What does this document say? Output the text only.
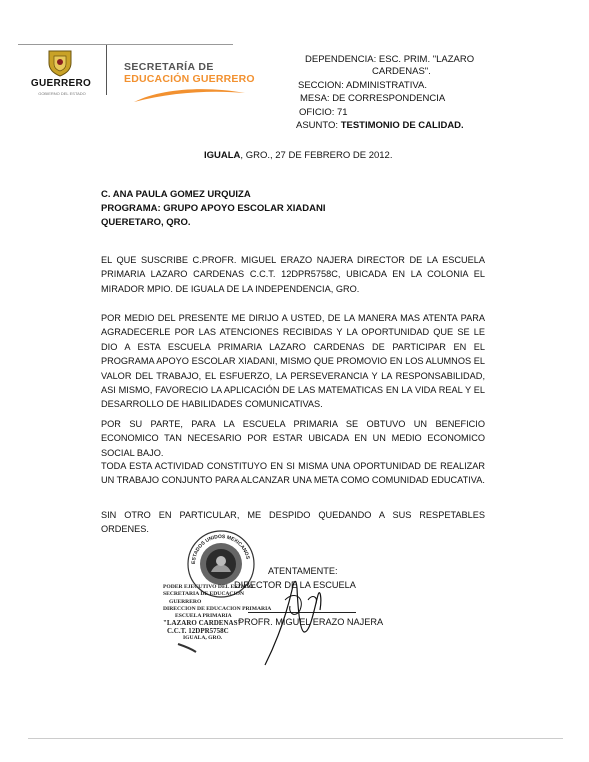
GUERRERO
GOBIERNO DEL ESTADO
SECRETARÍA DE
EDUCACIÓN GUERRERO
DEPENDENCIA: ESC. PRIM. "LAZARO
CARDENAS".
SECCION: ADMINISTRATIVA.
MESA: DE CORRESPONDENCIA
OFICIO: 71
ASUNTO: TESTIMONIO DE CALIDAD.
IGUALA, GRO., 27 DE FEBRERO DE 2012.
C. ANA PAULA GOMEZ URQUIZA
PROGRAMA: GRUPO APOYO ESCOLAR XIADANI
QUERETARO, QRO.
EL QUE SUSCRIBE C.PROFR. MIGUEL ERAZO NAJERA DIRECTOR DE LA ESCUELA PRIMARIA LAZARO CARDENAS C.C.T. 12DPR5758C, UBICADA EN LA COLONIA EL MIRADOR MPIO. DE IGUALA DE LA INDEPENDENCIA, GRO.
POR MEDIO DEL PRESENTE ME DIRIJO A USTED, DE LA MANERA MAS ATENTA PARA AGRADECERLE POR LAS ATENCIONES RECIBIDAS Y LA OPORTUNIDAD QUE SE LE DIO A ESTA ESCUELA PRIMARIA LAZARO CARDENAS DE PARTICIPAR EN EL PROGRAMA APOYO ESCOLAR XIADANI, MISMO QUE PROMOVIO EN LOS ALUMNOS EL VALOR DEL TRABAJO, EL ESFUERZO, LA PERSEVERANCIA Y LA RESPONSABILIDAD, ASI MISMO, FAVORECIO LA APLICACIÓN DE LAS MATEMATICAS EN LA VIDA REAL Y EL DESARROLLO DE HABILIDADES COMUNICATIVAS.
POR SU PARTE, PARA LA ESCUELA PRIMARIA SE OBTUVO UN BENEFICIO ECONOMICO TAN NECESARIO POR ESTAR UBICADA EN UN MEDIO ECONOMICO SOCIAL BAJO.
TODA ESTA ACTIVIDAD CONSTITUYO EN SI MISMA UNA OPORTUNIDAD DE REALIZAR UN TRABAJO CONJUNTO PARA ALCANZAR UNA META COMO COMUNIDAD EDUCATIVA.
SIN OTRO EN PARTICULAR, ME DESPIDO QUEDANDO A SUS RESPETABLES ORDENES.
ESTADOS UNIDOS MEXICANOS
PODER EJECUTIVO DEL ESTADO
SECRETARIA DE EDUCACION
GUERRERO
DIRECCION DE EDUCACION PRIMARIA
ESCUELA PRIMARIA
"LAZARO CARDENAS"
C.C.T. 12DPR5758C
IGUALA, GRO.
ATENTAMENTE:
DIRECTOR DE LA ESCUELA
PROFR. MIGUEL ERAZO NAJERA
